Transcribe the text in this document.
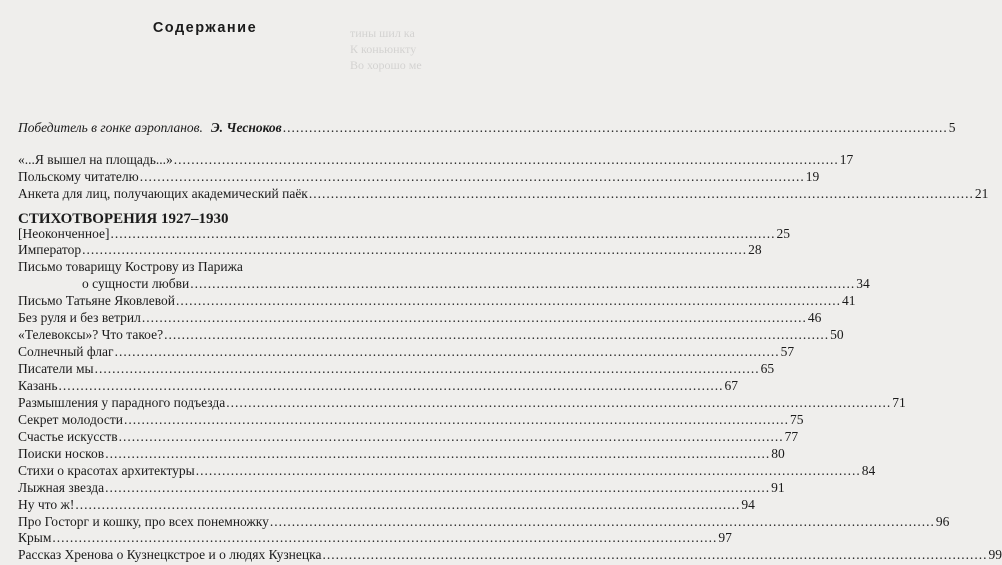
тины шил ка
К коньюнкту
Во хорошо ме
Содержание
Победитель в гонке аэропланов. Э. Чесноков .....	5
«...Я вышел на площадь...» .....	17
Польскому читателю .....	19
Анкета для лиц, получающих академический паёк .....	21
СТИХОТВОРЕНИЯ 1927–1930
[Неоконченное] .....	25
Император .....	28
Письмо товарищу Кострову из Парижа
о сущности любви .....	34
Письмо Татьяне Яковлевой .....	41
Без руля и без ветрил .....	46
«Телевоксы»? Что такое? .....	50
Солнечный флаг .....	57
Писатели мы .....	65
Казань .....	67
Размышления у парадного подъезда .....	71
Секрет молодости .....	75
Счастье искусств .....	77
Поиски носков .....	80
Стихи о красотах архитектуры .....	84
Лыжная звезда .....	91
Ну что ж! .....	94
Про Госторг и кошку, про всех понемножку .....	96
Крым .....	97
Рассказ Хренова о Кузнецкстрое и о людях Кузнецка .....	99
